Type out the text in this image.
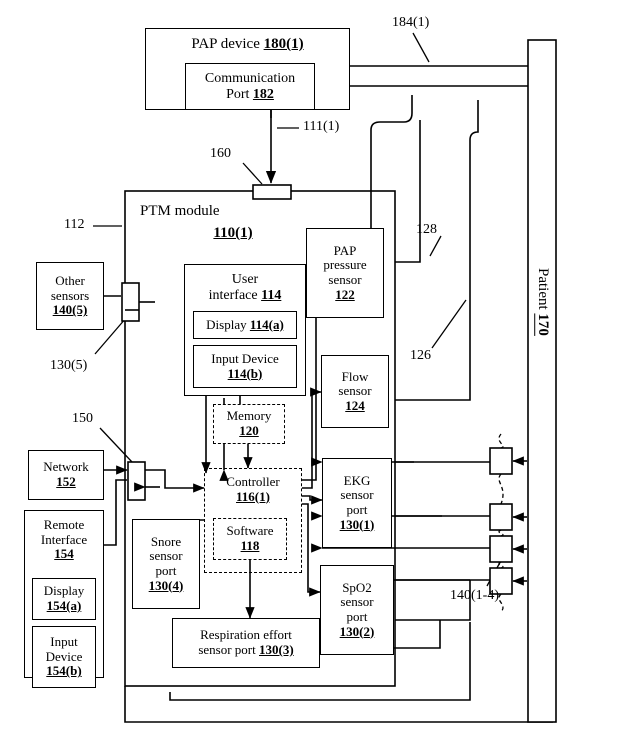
PAP device 180(1)
Communication
Port 182
PTM module
110(1)
User
interface 114
Display 114(a)
Input Device
114(b)
Memory
120
Controller
116(1)
Software
118
PAP
pressure
sensor
122
Flow
sensor
124
EKG
sensor
port
130(1)
SpO2
sensor
port
130(2)
Snore
sensor
port
130(4)
Respiration effort
sensor port 130(3)
Other
sensors
140(5)
Network
152
Remote
Interface
154
Display
154(a)
Input
Device
154(b)
Patient 170
111(1)
160
112
130(5)
150
184(1)
128
126
140(1-4)
